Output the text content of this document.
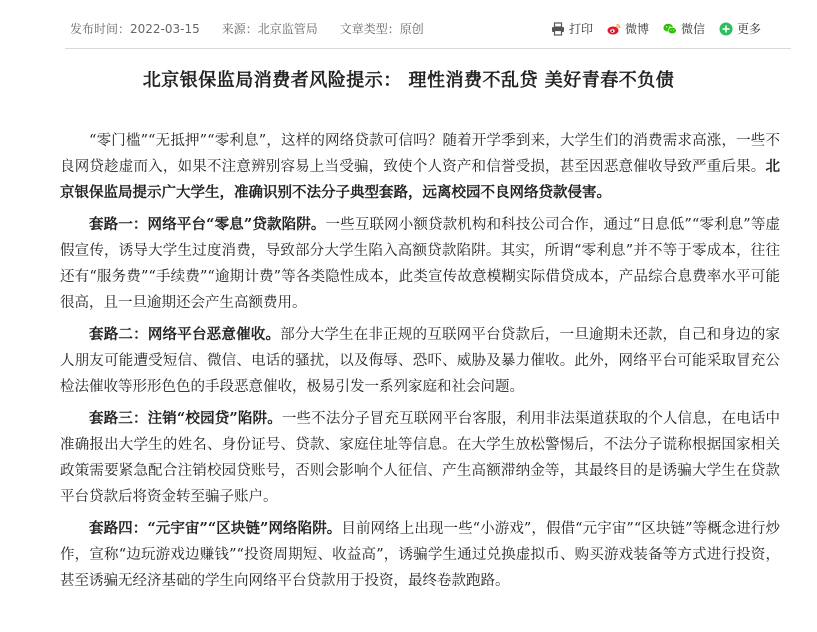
发布时间：2022-03-15 来源：北京监管局 文章类型：原创	打印	微博	微信	更多
北京银保监局消费者风险提示： 理性消费不乱贷 美好青春不负债

“零门槛”“无抵押”“零利息”，这样的网络贷款可信吗？随着开学季到来，大学生们的消费需求高涨，一些不良网贷趁虚而入，如果不注意辨别容易上当受骗，致使个人资产和信誉受损，甚至因恶意催收导致严重后果。北京银保监局提示广大学生，准确识别不法分子典型套路，远离校园不良网络贷款侵害。

套路一：网络平台“零息”贷款陷阱。一些互联网小额贷款机构和科技公司合作，通过“日息低”“零利息”等虚假宣传，诱导大学生过度消费，导致部分大学生陷入高额贷款陷阱。其实，所谓“零利息”并不等于零成本，往往还有“服务费”“手续费”“逾期计费”等各类隐性成本，此类宣传故意模糊实际借贷成本，产品综合息费率水平可能很高，且一旦逾期还会产生高额费用。

套路二：网络平台恶意催收。部分大学生在非正规的互联网平台贷款后，一旦逾期未还款，自己和身边的家人朋友可能遭受短信、微信、电话的骚扰，以及侮辱、恐吓、威胁及暴力催收。此外，网络平台可能采取冒充公检法催收等形形色色的手段恶意催收，极易引发一系列家庭和社会问题。

套路三：注销“校园贷”陷阱。一些不法分子冒充互联网平台客服，利用非法渠道获取的个人信息，在电话中准确报出大学生的姓名、身份证号、贷款、家庭住址等信息。在大学生放松警惕后，不法分子谎称根据国家相关政策需要紧急配合注销校园贷账号，否则会影响个人征信、产生高额滞纳金等，其最终目的是诱骗大学生在贷款平台贷款后将资金转至骗子账户。

套路四：“元宇宙”“区块链”网络陷阱。目前网络上出现一些“小游戏”，假借“元宇宙”“区块链”等概念进行炒作，宣称“边玩游戏边赚钱”“投资周期短、收益高”，诱骗学生通过兑换虚拟币、购买游戏装备等方式进行投资，甚至诱骗无经济基础的学生向网络平台贷款用于投资，最终卷款跑路。
